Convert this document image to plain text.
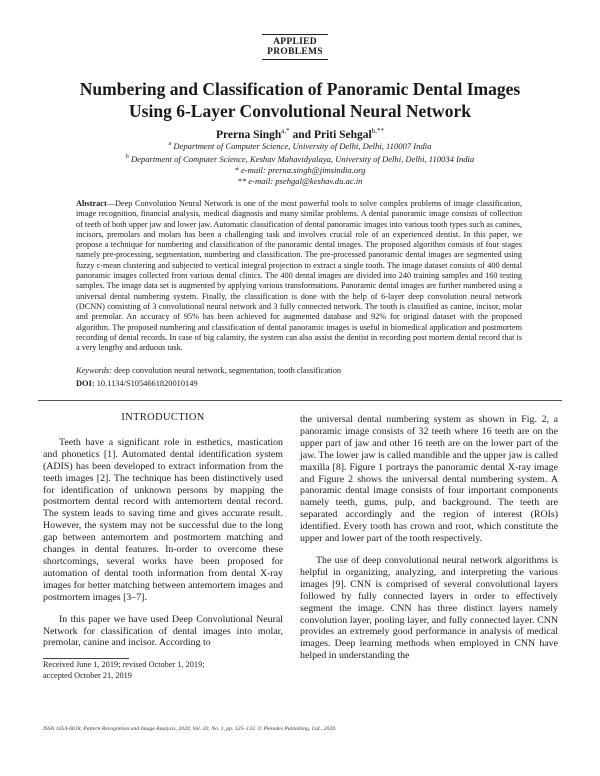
APPLIED
PROBLEMS
Numbering and Classification of Panoramic Dental Images
Using 6-Layer Convolutional Neural Network
Prerna Singh$^{a,*}$ and Priti Sehgal$^{b,**}$
$^a$ Department of Computer Science, University of Delhi, Delhi, 110007 India
$^b$ Department of Computer Science, Keshav Mahavidyalaya, University of Delhi, Delhi, 110034 India
* e-mail: prerna.singh@jimsindia.org
** e-mail: psehgal@keshav.du.ac.in
Abstract—Deep Convolution Neural Network is one of the most powerful tools to solve complex problems of image classification, image recognition, financial analysis, medical diagnosis and many similar problems. A dental panoramic image consists of collection of teeth of both upper jaw and lower jaw. Automatic classification of dental panoramic images into various tooth types such as canines, incisors, premolars and molars has been a challenging task and involves crucial role of an experienced dentist. In this paper, we propose a technique for numbering and classification of the panoramic dental images. The proposed algorithm consists of four stages namely pre-processing, segmentation, numbering and classification. The pre-processed panoramic dental images are segmented using fuzzy c-mean clustering and subjected to vertical integral projection to extract a single tooth. The image dataset consists of 400 dental panoramic images collected from various dental clinics. The 400 dental images are divided into 240 training samples and 160 testing samples. The image data set is augmented by applying various transformations. Panoramic dental images are further numbered using a universal dental numbering system. Finally, the classification is done with the help of 6-layer deep convolution neural network (DCNN) consisting of 3 convolutional neural network and 3 fully connected network. The tooth is classified as canine, incisor, molar and premolar. An accuracy of 95% has been achieved for augmented database and 92% for original dataset with the proposed algorithm. The proposed numbering and classification of dental panoramic images is useful in biomedical application and postmortem recording of dental records. In case of big calamity, the system can also assist the dentist in recording post mortem dental record that is a very lengthy and arduous task.
Keywords: deep convolution neural network, segmentation, tooth classification
DOI: 10.1134/S1054661820010149
INTRODUCTION

Teeth have a significant role in esthetics, mastication and phonetics [1]. Automated dental identification system (ADIS) has been developed to extract information from the teeth images [2]. The technique has been distinctively used for identification of unknown persons by mapping the postmortem dental record with antemortem dental record. The system leads to saving time and gives accurate result. However, the system may not be successful due to the long gap between antemortem and postmortem matching and changes in dental features. In-order to overcome these shortcomings, several works have been proposed for automation of dental tooth information from dental X-ray images for better matching between antemortem images and postmortem images [3–7].

In this paper we have used Deep Convolutional Neural Network for classification of dental images into molar, premolar, canine and incisor. According to

the universal dental numbering system as shown in Fig. 2, a panoramic image consists of 32 teeth where 16 teeth are on the upper part of jaw and other 16 teeth are on the lower part of the jaw. The lower jaw is called mandible and the upper jaw is called maxilla [8]. Figure 1 portrays the panoramic dental X-ray image and Figure 2 shows the universal dental numbering system. A panoramic dental image consists of four important components namely teeth, gums, pulp, and background. The teeth are separated accordingly and the region of interest (ROIs) identified. Every tooth has crown and root, which constitute the upper and lower part of the tooth respectively.

The use of deep convolutional neural network algorithms is helpful in organizing, analyzing, and interpreting the various images [9]. CNN is comprised of several convolutional layers followed by fully connected layers in order to effectively segment the image. CNN has three distinct layers namely convolution layer, pooling layer, and fully connected layer. CNN provides an extremely good performance in analysis of medical images. Deep learning methods when employed in CNN have helped in understanding the

Received June 1, 2019; revised October 1, 2019;
accepted October 21, 2019
ISSN 1054-6618, Pattern Recognition and Image Analysis, 2020, Vol. 30, No. 1, pp. 125–133. © Pleiades Publishing, Ltd., 2020.
